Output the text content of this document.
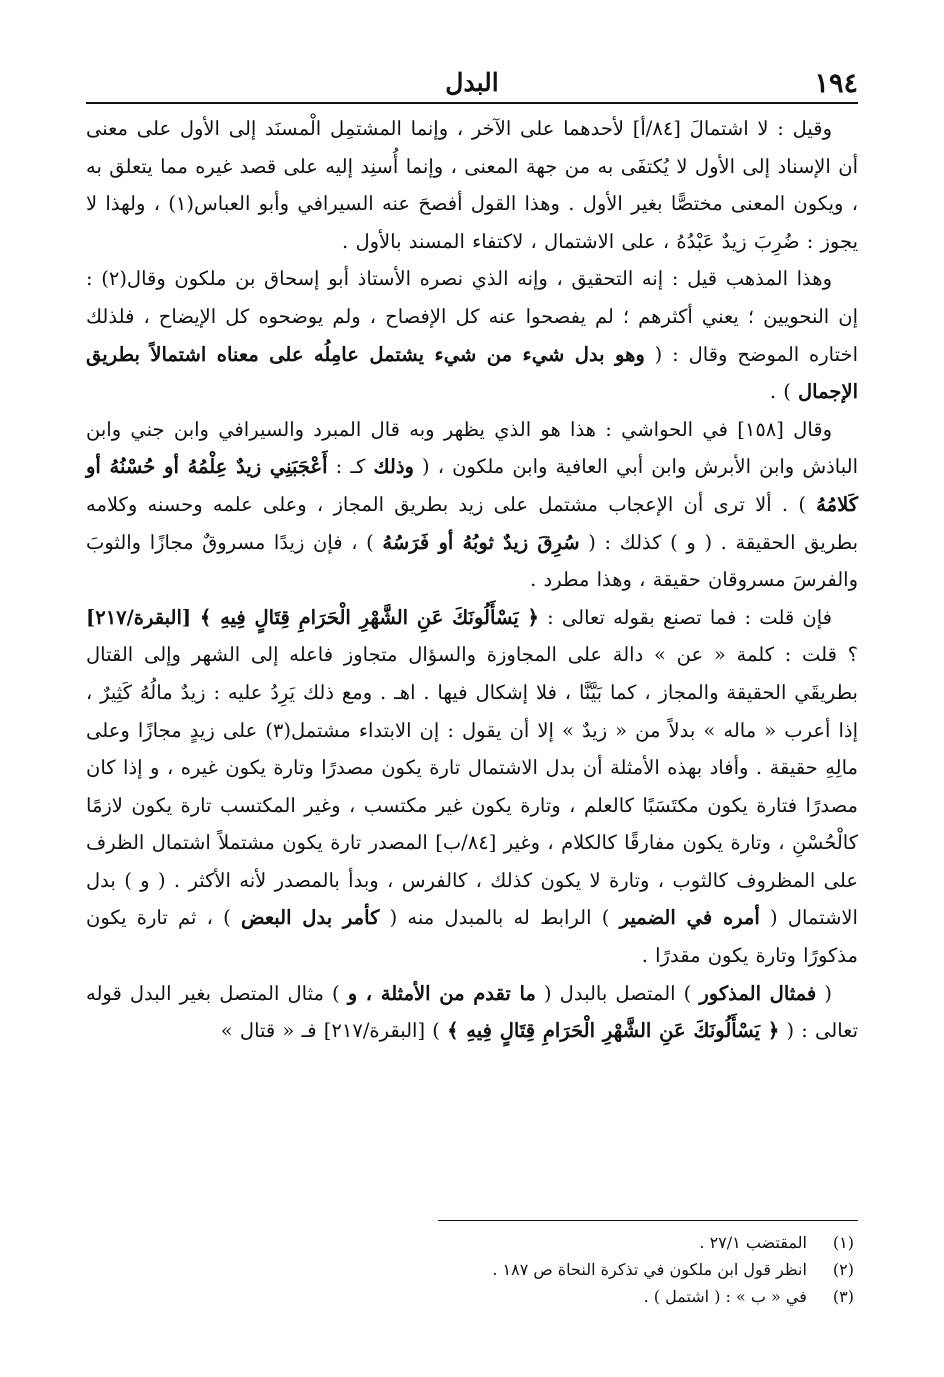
١٩٤
البدل

وقيل : لا اشتمالَ [٨٤/أ] لأحدهما على الآخر ، وإنما المشتمِل الْمسنَد إلى الأول على معنى أن الإسناد إلى الأول لا يُكتفَى به من جهة المعنى ، وإنما أُسنِد إليه على قصد غيره مما يتعلق به ، ويكون المعنى مختصًّا بغير الأول . وهذا القول أفصحَ عنه السيرافي وأبو العباس(١) ، ولهذا لا يجوز : ضُرِبَ زيدٌ عَبْدُهُ ، على الاشتمال ، لاكتفاء المسند بالأول .

وهذا المذهب قيل : إنه التحقيق ، وإنه الذي نصره الأستاذ أبو إسحاق بن ملكون وقال(٢) : إن النحويين ؛ يعني أكثرهم ؛ لم يفصحوا عنه كل الإفصاح ، ولم يوضحوه كل الإيضاح ، فلذلك اختاره الموضح وقال : ( وهو بدل شيء من شيء يشتمل عامِلُه على معناه اشتمالاً بطريق الإجمال ) .

وقال [١٥٨] في الحواشي : هذا هو الذي يظهر وبه قال المبرد والسيرافي وابن جني وابن الباذش وابن الأبرش وابن أبي العافية وابن ملكون ، ( وذلك كـ : أَعْجَبَنِي زيدٌ عِلْمُهُ أو حُسْنُهُ أو كَلامُهُ ) . ألا ترى أن الإعجاب مشتمل على زيد بطريق المجاز ، وعلى علمه وحسنه وكلامه بطريق الحقيقة . ( و ) كذلك : ( سُرِقَ زيدٌ ثوبُهُ أو فَرَسُهُ ) ، فإن زيدًا مسروقٌ مجازًا والثوبَ والفرسَ مسروقان حقيقة ، وهذا مطرد .

فإن قلت : فما تصنع بقوله تعالى : ﴿ يَسْأَلُونَكَ عَنِ الشَّهْرِ الْحَرَامِ قِتَالٍ فِيهِ ﴾ [البقرة/٢١٧] ؟ قلت : كلمة « عن » دالة على المجاوزة والسؤال متجاوز فاعله إلى الشهر وإلى القتال بطريقَي الحقيقة والمجاز ، كما بَيَّنَّا ، فلا إشكال فيها . اهـ . ومع ذلك يَرِدُ عليه : زيدٌ مالُهُ كَثِيرٌ ، إذا أعرب « ماله » بدلاً من « زيدٌ » إلا أن يقول : إن الابتداء مشتمل(٣) على زيدٍ مجازًا وعلى مالِهِ حقيقة . وأفاد بهذه الأمثلة أن بدل الاشتمال تارة يكون مصدرًا وتارة يكون غيره ، و إذا كان مصدرًا فتارة يكون مكتَسَبًا كالعلم ، وتارة يكون غير مكتسب ، وغير المكتسب تارة يكون لازمًا كالْحُسْنِ ، وتارة يكون مفارقًا كالكلام ، وغير [٨٤/ب] المصدر تارة يكون مشتملاً اشتمال الظرف على المظروف كالثوب ، وتارة لا يكون كذلك ، كالفرس ، وبدأ بالمصدر لأنه الأكثر . ( و ) بدل الاشتمال ( أمره في الضمير ) الرابط له بالمبدل منه ( كأمر بدل البعض ) ، ثم تارة يكون مذكورًا وتارة يكون مقدرًا .

( فمثال المذكور ) المتصل بالبدل ( ما تقدم من الأمثلة ، و ) مثال المتصل بغير البدل قوله تعالى : ( ﴿ يَسْأَلُونَكَ عَنِ الشَّهْرِ الْحَرَامِ قِتَالٍ فِيهِ ﴾ ) [البقرة/٢١٧] فـ « قتال »

(١) المقتضب ٢٧/١ .
(٢) انظر قول ابن ملكون في تذكرة النحاة ص ١٨٧ .
(٣) في « ب » : ( اشتمل ) .
